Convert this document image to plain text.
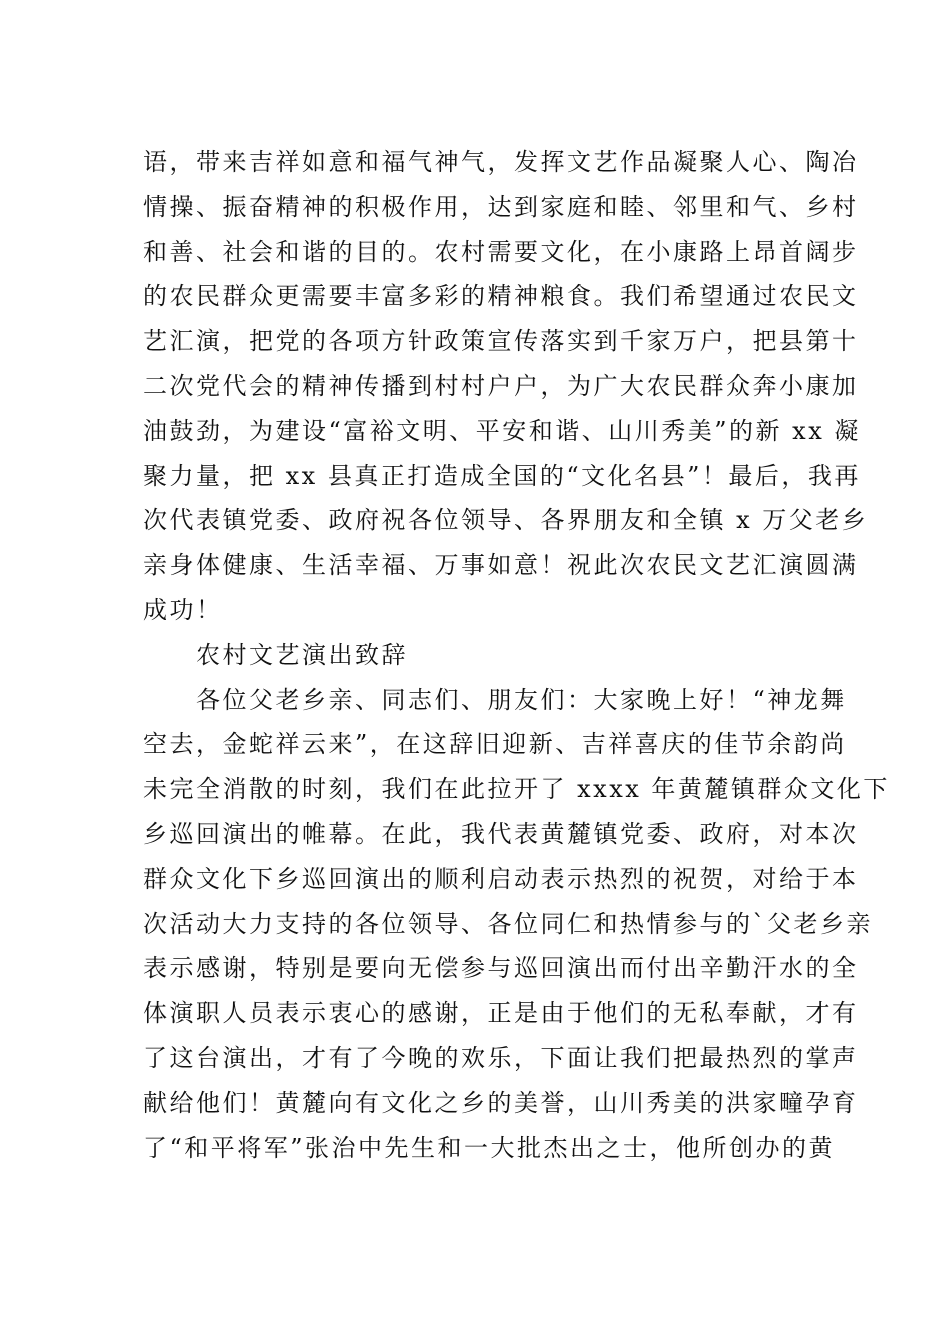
语，带来吉祥如意和福气神气，发挥文艺作品凝聚人心、陶冶
情操、振奋精神的积极作用，达到家庭和睦、邻里和气、乡村
和善、社会和谐的目的。农村需要文化，在小康路上昂首阔步
的农民群众更需要丰富多彩的精神粮食。我们希望通过农民文
艺汇演，把党的各项方针政策宣传落实到千家万户，把县第十
二次党代会的精神传播到村村户户，为广大农民群众奔小康加
油鼓劲，为建设“富裕文明、平安和谐、山川秀美”的新 xx 凝
聚力量，把 xx 县真正打造成全国的“文化名县”！最后，我再
次代表镇党委、政府祝各位领导、各界朋友和全镇 x 万父老乡
亲身体健康、生活幸福、万事如意！祝此次农民文艺汇演圆满
成功！
农村文艺演出致辞
各位父老乡亲、同志们、朋友们：大家晚上好！“神龙舞
空去，金蛇祥云来”，在这辞旧迎新、吉祥喜庆的佳节余韵尚
未完全消散的时刻，我们在此拉开了 xxxx 年黄麓镇群众文化下
乡巡回演出的帷幕。在此，我代表黄麓镇党委、政府，对本次
群众文化下乡巡回演出的顺利启动表示热烈的祝贺，对给于本
次活动大力支持的各位领导、各位同仁和热情参与的`父老乡亲
表示感谢，特别是要向无偿参与巡回演出而付出辛勤汗水的全
体演职人员表示衷心的感谢，正是由于他们的无私奉献，才有
了这台演出，才有了今晚的欢乐，下面让我们把最热烈的掌声
献给他们！黄麓向有文化之乡的美誉，山川秀美的洪家疃孕育
了“和平将军”张治中先生和一大批杰出之士，他所创办的黄
